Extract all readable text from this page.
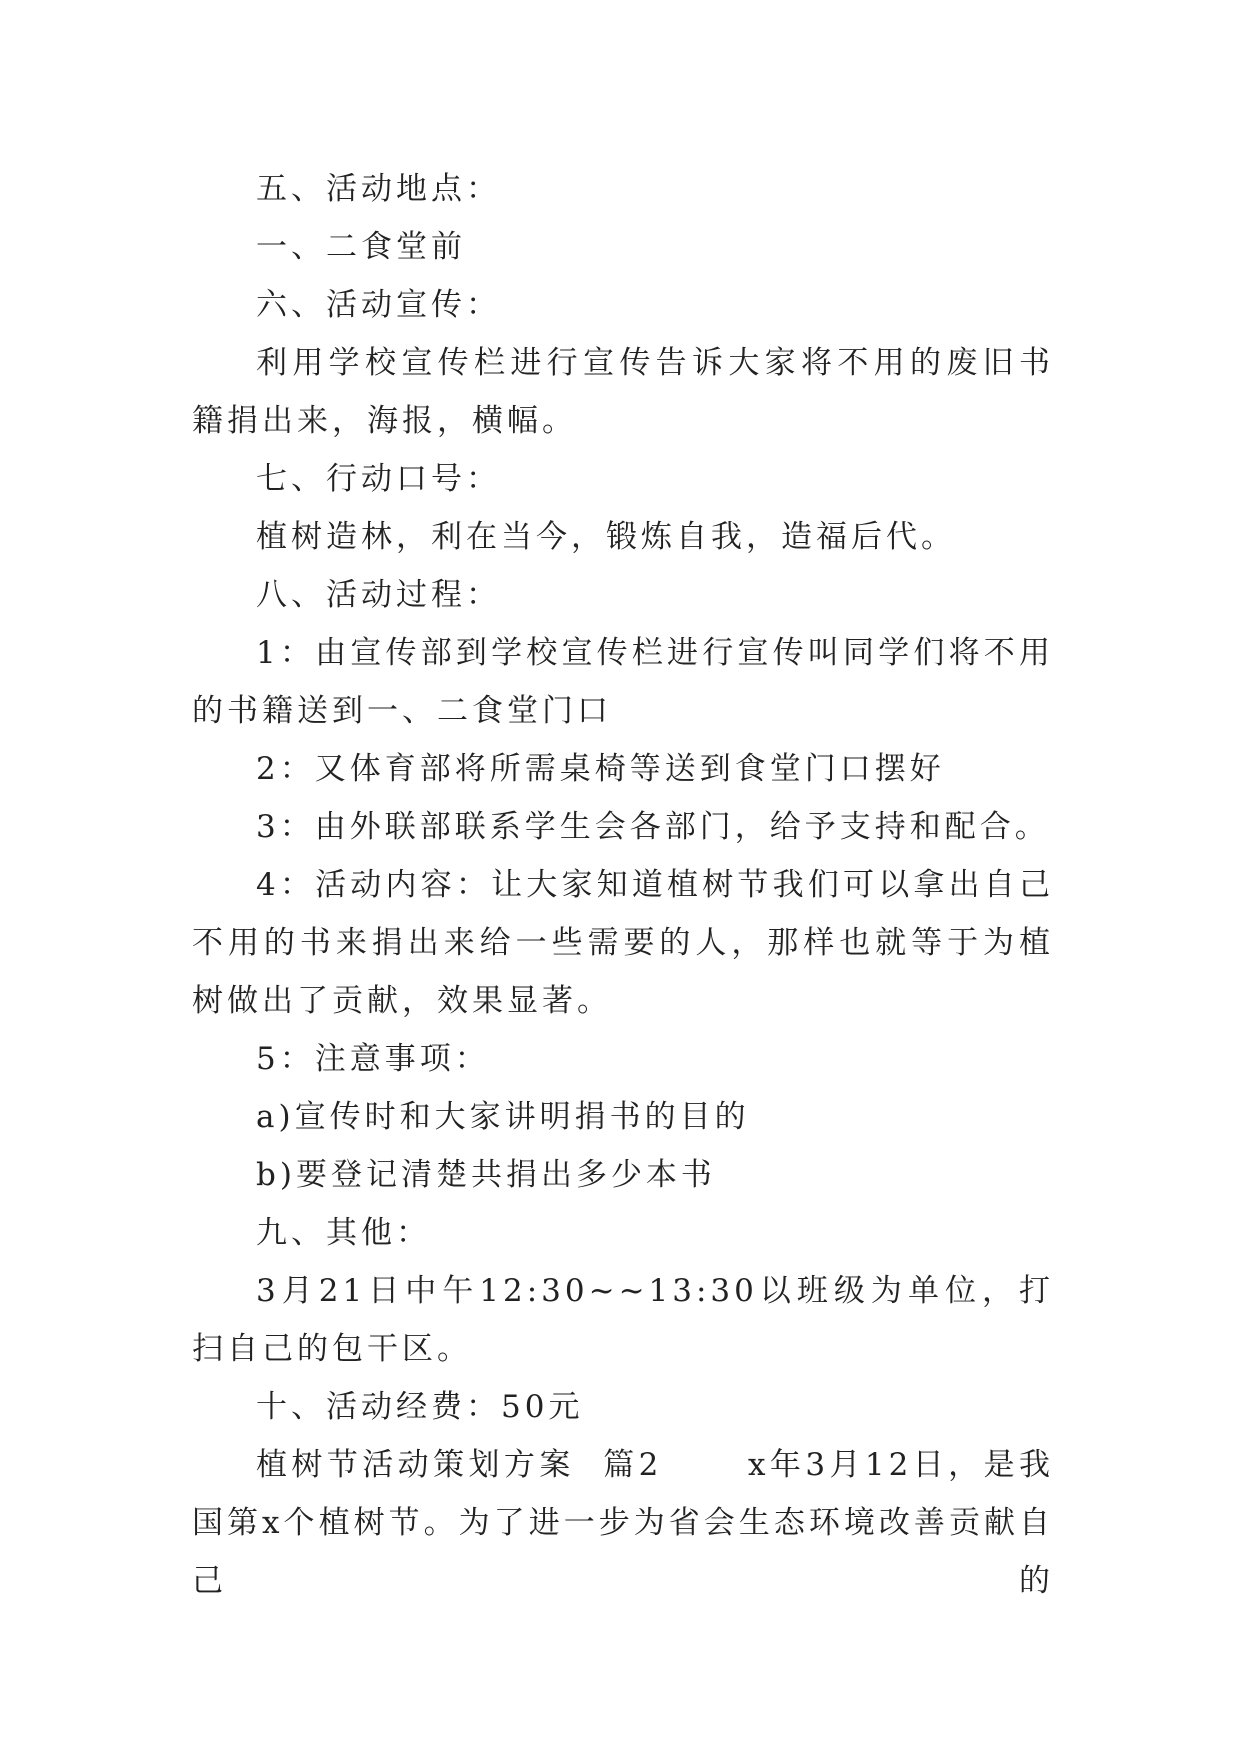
五、活动地点：

一、二食堂前

六、活动宣传：

利用学校宣传栏进行宣传告诉大家将不用的废旧书籍捐出来，海报，横幅。

七、行动口号：

植树造林，利在当今，锻炼自我，造福后代。

八、活动过程：

1：由宣传部到学校宣传栏进行宣传叫同学们将不用的书籍送到一、二食堂门口

2：又体育部将所需桌椅等送到食堂门口摆好

3：由外联部联系学生会各部门，给予支持和配合。

4：活动内容：让大家知道植树节我们可以拿出自己不用的书来捐出来给一些需要的人，那样也就等于为植树做出了贡献，效果显著。

5：注意事项：

a)宣传时和大家讲明捐书的目的

b)要登记清楚共捐出多少本书

九、其他：

3月21日中午12:30~~13:30以班级为单位，打扫自己的包干区。

十、活动经费：50元

植树节活动策划方案  篇2      x年3月12日，是我国第x个植树节。为了进一步为省会生态环境改善贡献自己的
